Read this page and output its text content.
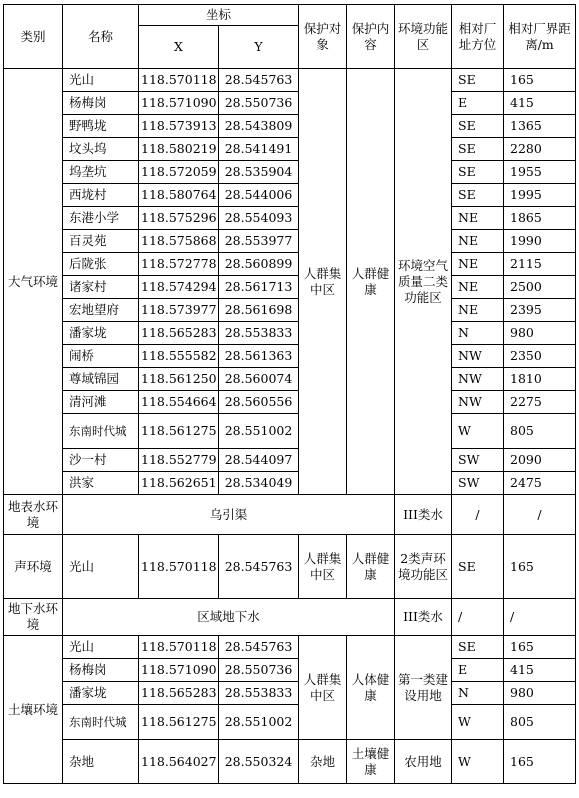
类别	名称	坐标		保护对象	保护内容	环境功能区	相对厂址方位	相对厂界距离/m
		X	Y					
大气环境	光山	118.570118	28.545763	人群集中区	人群健康	环境空气质量二类功能区	SE	165
	杨梅岗	118.571090	28.550736				E	415
	野鸭垅	118.573913	28.543809				SE	1365
	坟头坞	118.580219	28.541491				SE	2280
	坞垄坑	118.572059	28.535904				SE	1955
	西垅村	118.580764	28.544006				SE	1995
	东港小学	118.575296	28.554093				NE	1865
	百灵苑	118.575868	28.553977				NE	1990
	后陇张	118.572778	28.560899				NE	2115
	诸家村	118.574294	28.561713				NE	2500
	宏地望府	118.573977	28.561698				NE	2395
	潘家垅	118.565283	28.553833				N	980
	闹桥	118.555582	28.561363				NW	2350
	尊域锦园	118.561250	28.560074				NW	1810
	清河滩	118.554664	28.560556				NW	2275
	东南时代城	118.561275	28.551002				W	805
	沙一村	118.552779	28.544097				SW	2090
	洪家	118.562651	28.534049				SW	2475
地表水环境	乌引渠					III类水	/	/
声环境	光山	118.570118	28.545763	人群集中区	人群健康	2类声环境功能区	SE	165
地下水环境	区域地下水					III类水	/	/
土壤环境	光山	118.570118	28.545763	人群集中区	人体健康	第一类建设用地	SE	165
	杨梅岗	118.571090	28.550736				E	415
	潘家垅	118.565283	28.553833				N	980
	东南时代城	118.561275	28.551002				W	805
	杂地	118.564027	28.550324	杂地	土壤健康	农用地	W	165
